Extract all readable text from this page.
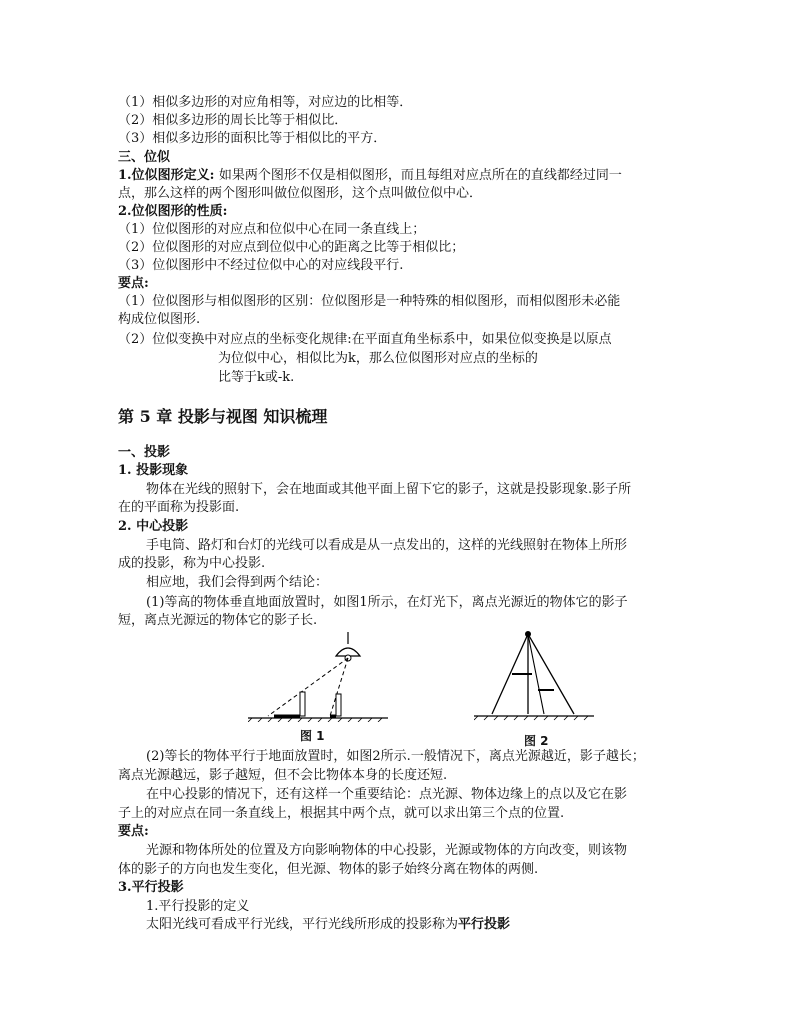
（1）相似多边形的对应角相等，对应边的比相等．
（2）相似多边形的周长比等于相似比．
（3）相似多边形的面积比等于相似比的平方．
三、位似
1.位似图形定义: 如果两个图形不仅是相似图形，而且每组对应点所在的直线都经过同一
点，那么这样的两个图形叫做位似图形，这个点叫做位似中心．
2.位似图形的性质:
（1）位似图形的对应点和位似中心在同一条直线上；
（2）位似图形的对应点到位似中心的距离之比等于相似比；
（3）位似图形中不经过位似中心的对应线段平行.
要点:
（1）位似图形与相似图形的区别：位似图形是一种特殊的相似图形，而相似图形未必能
构成位似图形.
（2）位似变换中对应点的坐标变化规律:在平面直角坐标系中，如果位似变换是以原点
为位似中心，相似比为k，那么位似图形对应点的坐标的
比等于k或-k.
第 5 章 投影与视图 知识梳理
一、投影
1. 投影现象
物体在光线的照射下，会在地面或其他平面上留下它的影子，这就是投影现象.影子所
在的平面称为投影面.
2. 中心投影
手电筒、路灯和台灯的光线可以看成是从一点发出的，这样的光线照射在物体上所形
成的投影，称为中心投影.
相应地，我们会得到两个结论：
(1)等高的物体垂直地面放置时，如图1所示，在灯光下，离点光源近的物体它的影子
短，离点光源远的物体它的影子长.
(2)等长的物体平行于地面放置时，如图2所示.一般情况下，离点光源越近，影子越长；
离点光源越远，影子越短，但不会比物体本身的长度还短.
在中心投影的情况下，还有这样一个重要结论：点光源、物体边缘上的点以及它在影
子上的对应点在同一条直线上，根据其中两个点，就可以求出第三个点的位置.
要点:
光源和物体所处的位置及方向影响物体的中心投影，光源或物体的方向改变，则该物
体的影子的方向也发生变化，但光源、物体的影子始终分离在物体的两侧.
3.平行投影
1.平行投影的定义
太阳光线可看成平行光线，平行光线所形成的投影称为平行投影
图 1	图 2
